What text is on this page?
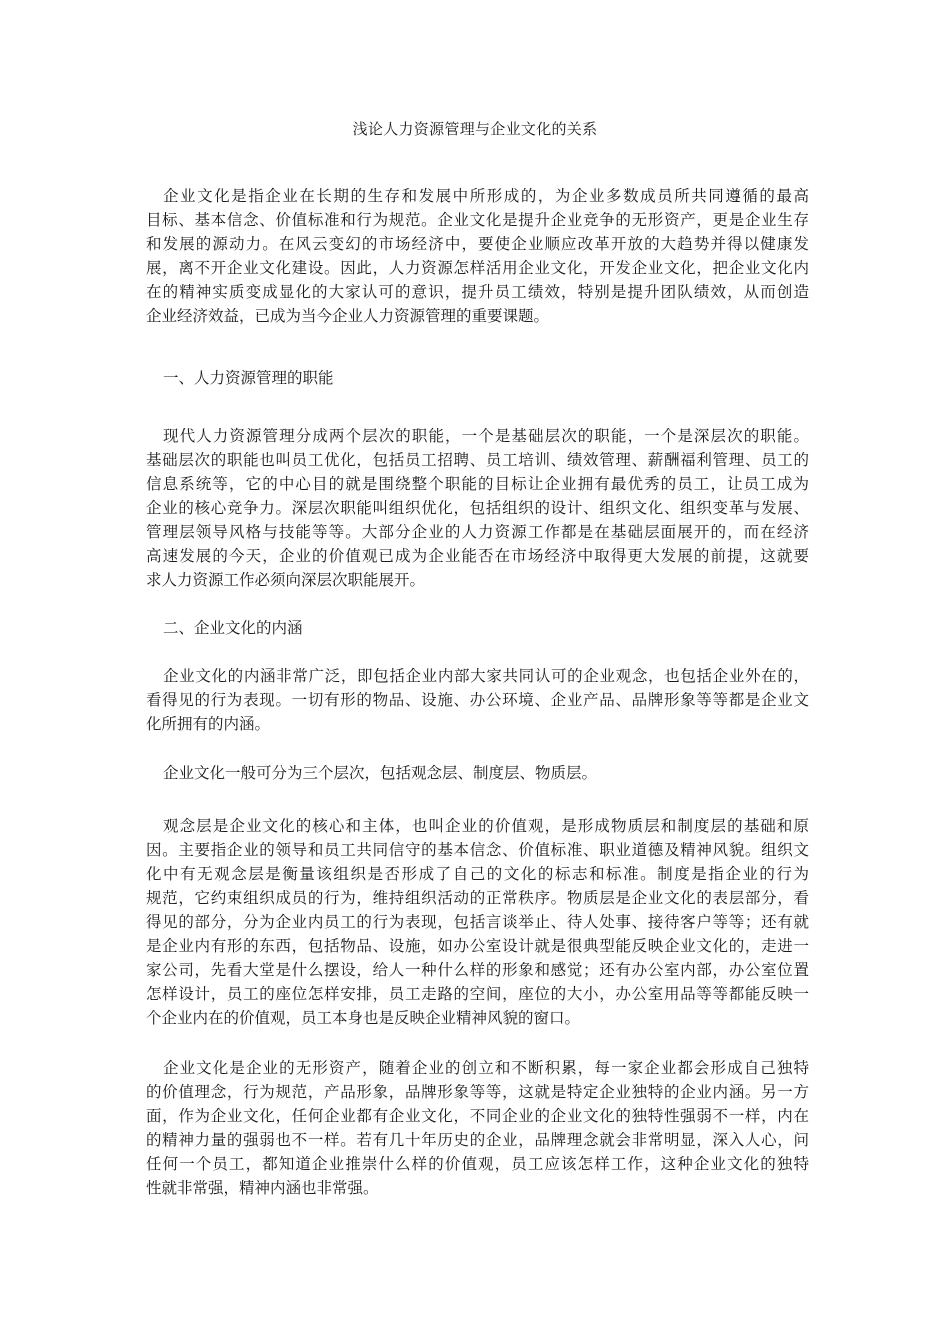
浅论人力资源管理与企业文化的关系
企业文化是指企业在长期的生存和发展中所形成的，为企业多数成员所共同遵循的最高
目标、基本信念、价值标准和行为规范。企业文化是提升企业竞争的无形资产，更是企业生存
和发展的源动力。在风云变幻的市场经济中，要使企业顺应改革开放的大趋势并得以健康发
展，离不开企业文化建设。因此，人力资源怎样活用企业文化，开发企业文化，把企业文化内
在的精神实质变成显化的大家认可的意识，提升员工绩效，特别是提升团队绩效，从而创造
企业经济效益，已成为当今企业人力资源管理的重要课题。
一、人力资源管理的职能
现代人力资源管理分成两个层次的职能，一个是基础层次的职能，一个是深层次的职能。
基础层次的职能也叫员工优化，包括员工招聘、员工培训、绩效管理、薪酬福利管理、员工的
信息系统等，它的中心目的就是围绕整个职能的目标让企业拥有最优秀的员工，让员工成为
企业的核心竞争力。深层次职能叫组织优化，包括组织的设计、组织文化、组织变革与发展、
管理层领导风格与技能等等。大部分企业的人力资源工作都是在基础层面展开的，而在经济
高速发展的今天，企业的价值观已成为企业能否在市场经济中取得更大发展的前提，这就要
求人力资源工作必须向深层次职能展开。
二、企业文化的内涵
企业文化的内涵非常广泛，即包括企业内部大家共同认可的企业观念，也包括企业外在的，
看得见的行为表现。一切有形的物品、设施、办公环境、企业产品、品牌形象等等都是企业文
化所拥有的内涵。
企业文化一般可分为三个层次，包括观念层、制度层、物质层。
观念层是企业文化的核心和主体，也叫企业的价值观，是形成物质层和制度层的基础和原
因。主要指企业的领导和员工共同信守的基本信念、价值标准、职业道德及精神风貌。组织文
化中有无观念层是衡量该组织是否形成了自己的文化的标志和标准。制度是指企业的行为
规范，它约束组织成员的行为，维持组织活动的正常秩序。物质层是企业文化的表层部分，看
得见的部分，分为企业内员工的行为表现，包括言谈举止、待人处事、接待客户等等；还有就
是企业内有形的东西，包括物品、设施，如办公室设计就是很典型能反映企业文化的，走进一
家公司，先看大堂是什么摆设，给人一种什么样的形象和感觉；还有办公室内部，办公室位置
怎样设计，员工的座位怎样安排，员工走路的空间，座位的大小，办公室用品等等都能反映一
个企业内在的价值观，员工本身也是反映企业精神风貌的窗口。
企业文化是企业的无形资产，随着企业的创立和不断积累，每一家企业都会形成自己独特
的价值理念，行为规范，产品形象，品牌形象等等，这就是特定企业独特的企业内涵。另一方
面，作为企业文化，任何企业都有企业文化，不同企业的企业文化的独特性强弱不一样，内在
的精神力量的强弱也不一样。若有几十年历史的企业，品牌理念就会非常明显，深入人心，问
任何一个员工，都知道企业推崇什么样的价值观，员工应该怎样工作，这种企业文化的独特
性就非常强，精神内涵也非常强。
